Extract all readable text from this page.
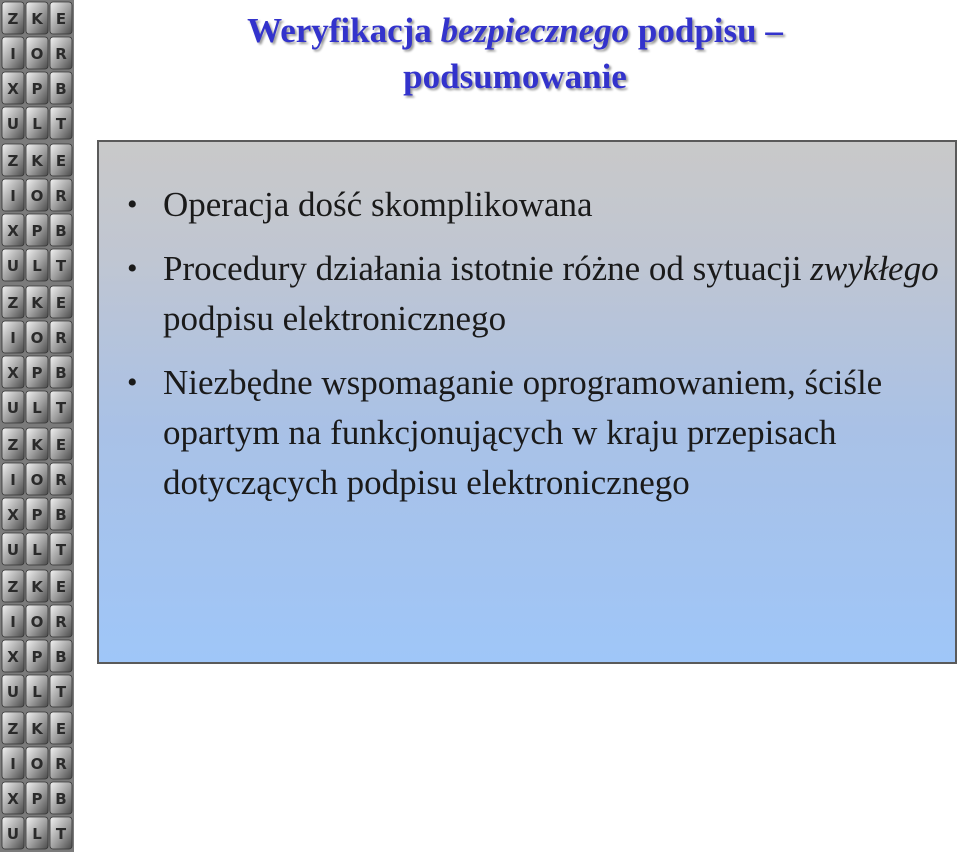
Z K E
I O R
X P B
U L T
Z K E
I O R
X P B
U L T
Z K E
I O R
X P B
U L T
Z K E
I O R
X P B
U L T
Z K E
I O R
X P B
U L T
Z K E
I O R
X P B
U L T
Weryfikacja bezpiecznego podpisu –
podsumowanie
• Operacja dość skomplikowana
• Procedury działania istotnie różne od sytuacji zwykłego podpisu elektronicznego
• Niezbędne wspomaganie oprogramowaniem, ściśle opartym na funkcjonujących w kraju przepisach dotyczących podpisu elektronicznego
